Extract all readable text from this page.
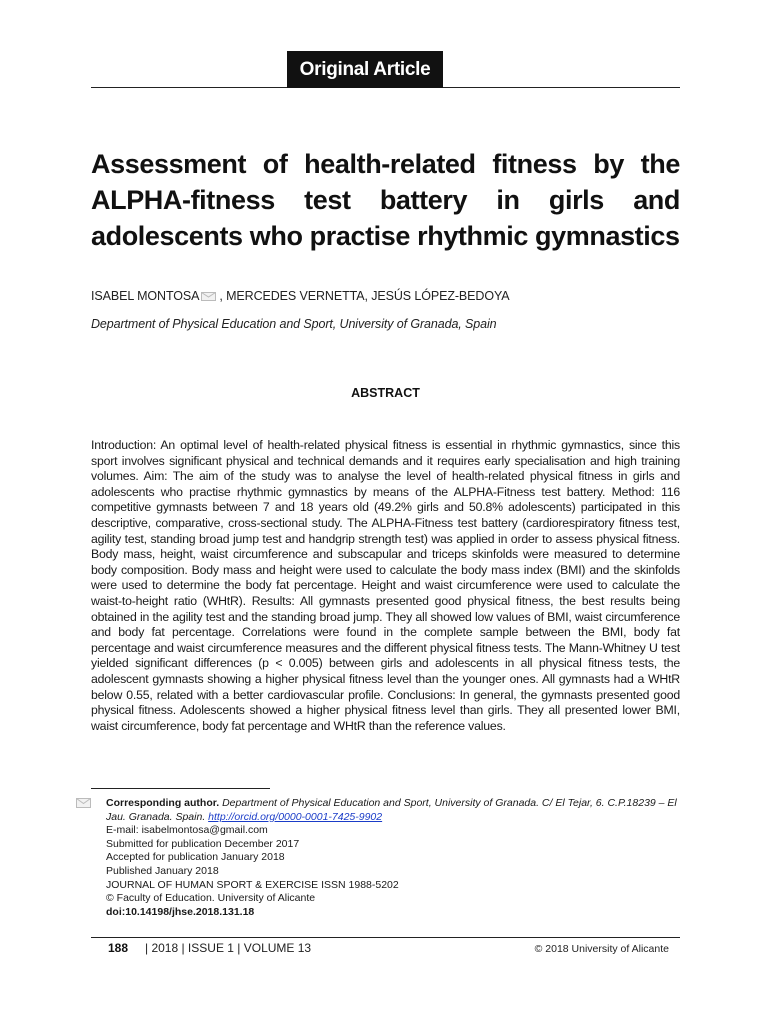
Original Article
Assessment of health-related fitness by the ALPHA-fitness test battery in girls and adolescents who practise rhythmic gymnastics
ISABEL MONTOSA , MERCEDES VERNETTA, JESÚS LÓPEZ-BEDOYA
Department of Physical Education and Sport, University of Granada, Spain
ABSTRACT

Introduction: An optimal level of health-related physical fitness is essential in rhythmic gymnastics, since this sport involves significant physical and technical demands and it requires early specialisation and high training volumes. Aim: The aim of the study was to analyse the level of health-related physical fitness in girls and adolescents who practise rhythmic gymnastics by means of the ALPHA-Fitness test battery. Method: 116 competitive gymnasts between 7 and 18 years old (49.2% girls and 50.8% adolescents) participated in this descriptive, comparative, cross-sectional study. The ALPHA-Fitness test battery (cardiorespiratory fitness test, agility test, standing broad jump test and handgrip strength test) was applied in order to assess physical fitness. Body mass, height, waist circumference and subscapular and triceps skinfolds were measured to determine body composition. Body mass and height were used to calculate the body mass index (BMI) and the skinfolds were used to determine the body fat percentage. Height and waist circumference were used to calculate the waist-to-height ratio (WHtR). Results: All gymnasts presented good physical fitness, the best results being obtained in the agility test and the standing broad jump. They all showed low values of BMI, waist circumference and body fat percentage. Correlations were found in the complete sample between the BMI, body fat percentage and waist circumference measures and the different physical fitness tests. The Mann-Whitney U test yielded significant differences (p < 0.005) between girls and adolescents in all physical fitness tests, the adolescent gymnasts showing a higher physical fitness level than the younger ones. All gymnasts had a WHtR below 0.55, related with a better cardiovascular profile. Conclusions: In general, the gymnasts presented good physical fitness. Adolescents showed a higher physical fitness level than girls. They all presented lower BMI, waist circumference, body fat percentage and WHtR than the reference values.

Corresponding author. Department of Physical Education and Sport, University of Granada. C/ El Tejar, 6. C.P.18239 – El Jau. Granada. Spain. http://orcid.org/0000-0001-7425-9902
E-mail: isabelmontosa@gmail.com
Submitted for publication December 2017
Accepted for publication January 2018
Published January 2018
JOURNAL OF HUMAN SPORT & EXERCISE ISSN 1988-5202
© Faculty of Education. University of Alicante
doi:10.14198/jhse.2018.131.18
188 | 2018 | ISSUE 1 | VOLUME 13	© 2018 University of Alicante
